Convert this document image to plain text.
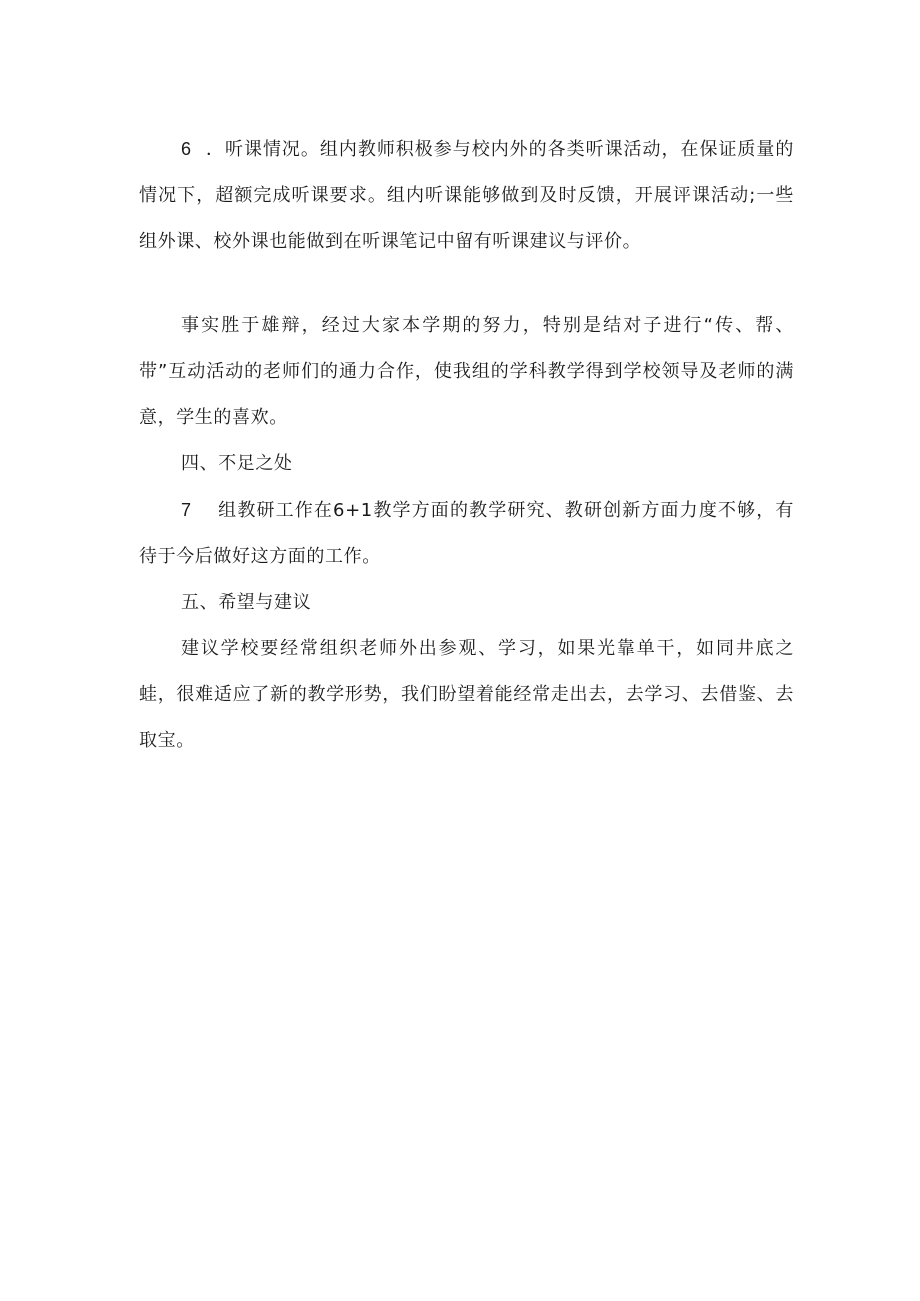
6 ．听课情况。组内教师积极参与校内外的各类听课活动，在保证质量的情况下，超额完成听课要求。组内听课能够做到及时反馈，开展评课活动;一些组外课、校外课也能做到在听课笔记中留有听课建议与评价。

事实胜于雄辩，经过大家本学期的努力，特别是结对子进行“传、帮、带”互动活动的老师们的通力合作，使我组的学科教学得到学校领导及老师的满意，学生的喜欢。

四、不足之处

7 组教研工作在6+1教学方面的教学研究、教研创新方面力度不够，有待于今后做好这方面的工作。

五、希望与建议

建议学校要经常组织老师外出参观、学习，如果光靠单干，如同井底之蛙，很难适应了新的教学形势，我们盼望着能经常走出去，去学习、去借鉴、去取宝。
